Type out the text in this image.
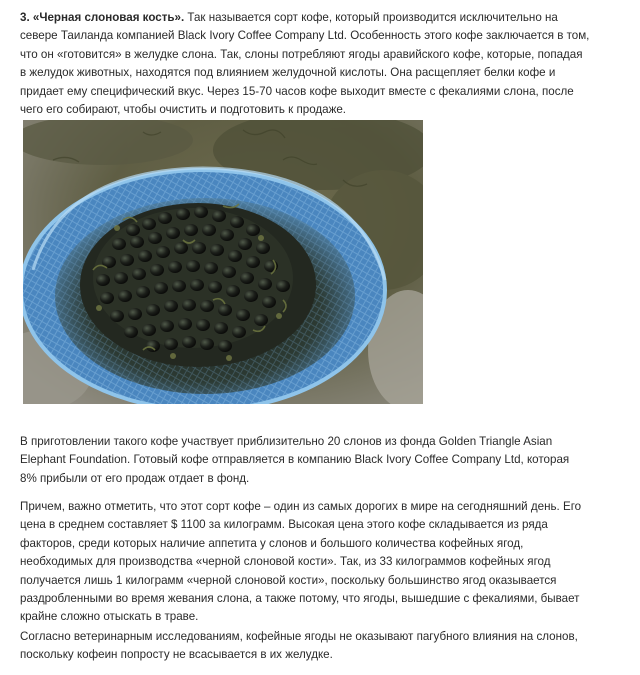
3. «Черная слоновая кость». Так называется сорт кофе, который производится исключительно на
севере Таиланда компанией Black Ivory Coffee Company Ltd. Особенность этого кофе заключается в том,
что он «готовится» в желудке слона. Так, слоны потребляют ягоды аравийского кофе, которые, попадая
в желудок животных, находятся под влиянием желудочной кислоты. Она расщепляет белки кофе и
придает ему специфический вкус. Через 15-70 часов кофе выходит вместе с фекалиями слона, после
чего его собирают, чтобы очистить и подготовить к продаже.

В приготовлении такого кофе участвует приблизительно 20 слонов из фонда Golden Triangle Asian
Elephant Foundation. Готовый кофе отправляется в компанию Black Ivory Coffee Company Ltd, которая
8% прибыли от его продаж отдает в фонд.

Причем, важно отметить, что этот сорт кофе – один из самых дорогих в мире на сегодняшний день. Его
цена в среднем составляет $ 1100 за килограмм. Высокая цена этого кофе складывается из ряда
факторов, среди которых наличие аппетита у слонов и большого количества кофейных ягод,
необходимых для производства «черной слоновой кости». Так, из 33 килограммов кофейных ягод
получается лишь 1 килограмм «черной слоновой кости», поскольку большинство ягод оказывается
раздробленными во время жевания слона, а также потому, что ягоды, вышедшие с фекалиями, бывает
крайне сложно отыскать в траве.

Согласно ветеринарным исследованиям, кофейные ягоды не оказывают пагубного влияния на слонов,
поскольку кофеин попросту не всасывается в их желудке.
